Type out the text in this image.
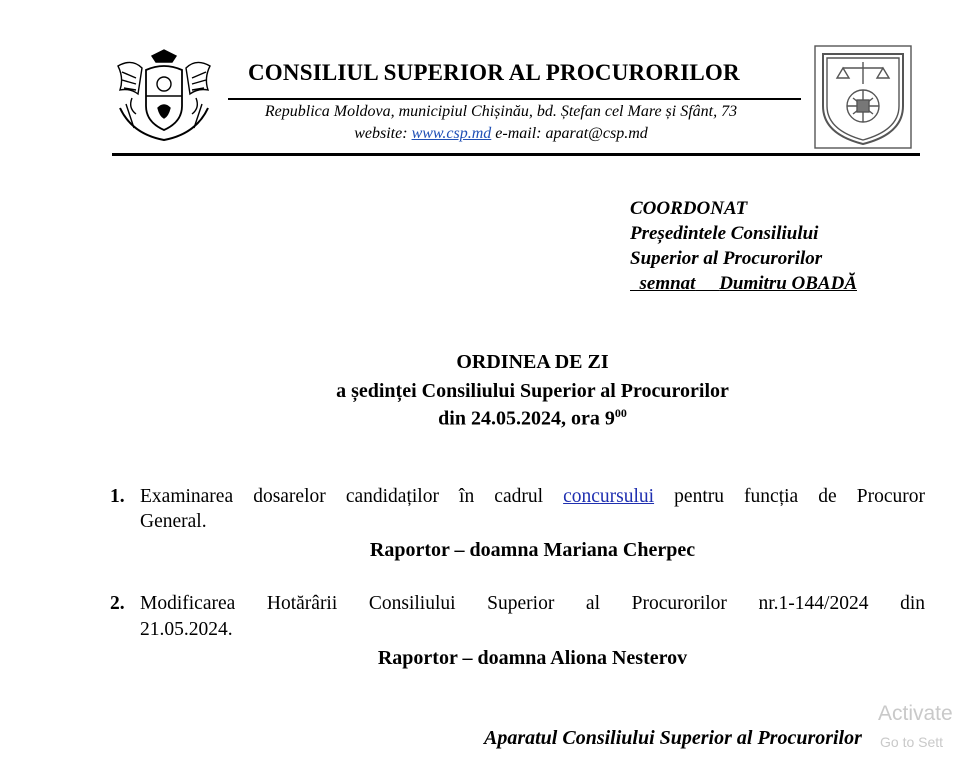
CONSILIUL SUPERIOR AL PROCURORILOR
Republica Moldova, municipiul Chișinău, bd. Ștefan cel Mare și Sfânt, 73
website: www.csp.md e-mail: aparat@csp.md
COORDONAT
Președintele Consiliului
Superior al Procurorilor
semnat Dumitru OBADĂ
ORDINEA DE ZI
a ședinței Consiliului Superior al Procurorilor
din 24.05.2024, ora $9^{00}$
1. Examinarea dosarelor candidaților în cadrul concursului pentru funcția de Procuror
General.
Raportor – doamna Mariana Cherpec
2. Modificarea Hotărârii Consiliului Superior al Procurorilor nr.1-144/2024 din
21.05.2024.
Raportor – doamna Aliona Nesterov
Aparatul Consiliului Superior al Procurorilor
Activate
Go to Sett
